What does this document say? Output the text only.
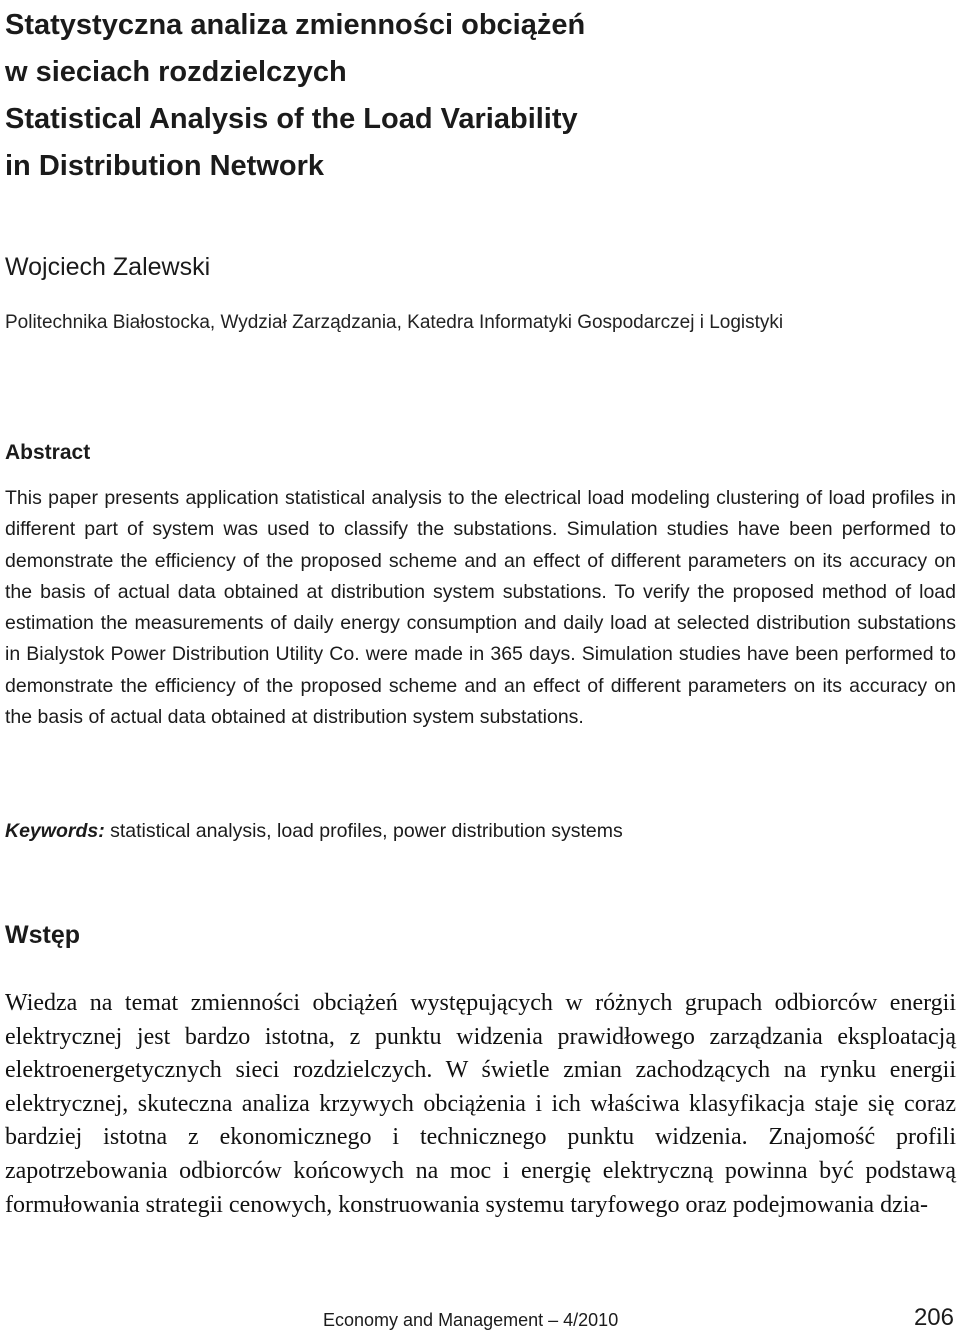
Statystyczna analiza zmienności obciążeń
w sieciach rozdzielczych
Statistical Analysis of the Load Variability
in Distribution Network
Wojciech Zalewski
Politechnika Białostocka, Wydział Zarządzania, Katedra Informatyki Gospodarczej i Logistyki
Abstract
This paper presents application statistical analysis to the electrical load modeling clustering of load profiles in different part of system was used to classify the substations. Simulation studies have been performed to demonstrate the efficiency of the proposed scheme and an effect of different parameters on its accuracy on the basis of actual data obtained at distribution system substations. To verify the proposed method of load estimation the measurements of daily energy consumption and daily load at selected distribution substations in Bialystok Power Distribution Utility Co. were made in 365 days. Simulation studies have been performed to demonstrate the efficiency of the proposed scheme and an effect of different parameters on its accuracy on the basis of actual data obtained at distribution system substations.
Keywords: statistical analysis, load profiles, power distribution systems
Wstęp
Wiedza na temat zmienności obciążeń występujących w różnych grupach odbiorców energii elektrycznej jest bardzo istotna, z punktu widzenia prawidłowego zarządzania eksploatacją elektroenergetycznych sieci rozdzielczych. W świetle zmian zachodzących na rynku energii elektrycznej, skuteczna analiza krzywych obciążenia i ich właściwa klasyfikacja staje się coraz bardziej istotna z ekonomicznego i technicznego punktu widzenia. Znajomość profili zapotrzebowania odbiorców końcowych na moc i energię elektryczną powinna być podstawą formułowania strategii cenowych, konstruowania systemu taryfowego oraz podejmowania dzia-
Economy and Management – 4/2010	206
